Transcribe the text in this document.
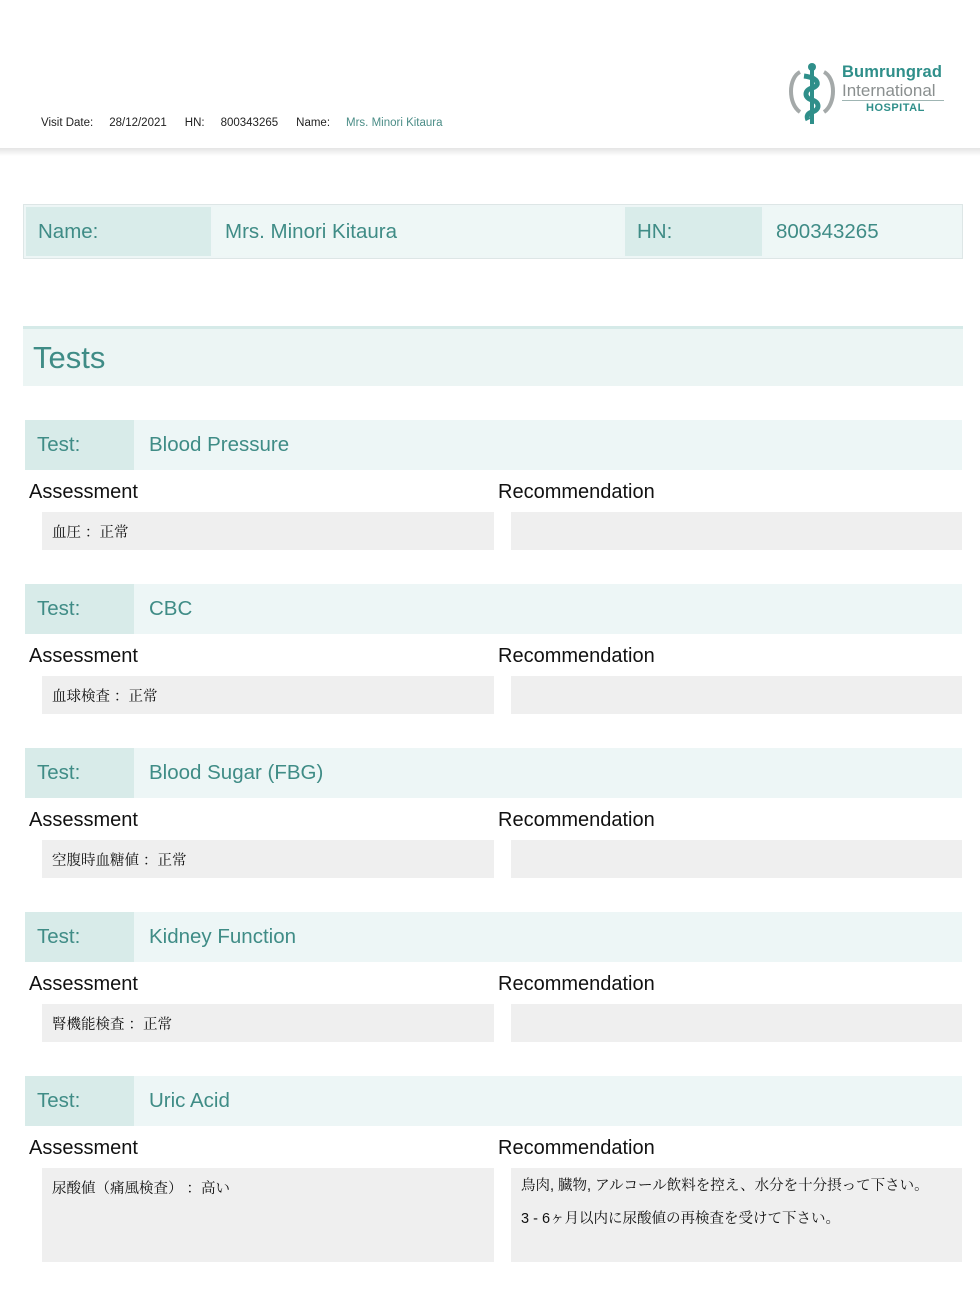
Visit Date: 28/12/2021 HN: 800343265 Name: Mrs. Minori Kitaura
Bumrungrad
International
HOSPITAL
Name:	Mrs. Minori Kitaura	HN:	800343265
Tests
Test:	Blood Pressure
Assessment	Recommendation
血圧 ：正常
Test:	CBC
Assessment	Recommendation
血球検査 ：正常
Test:	Blood Sugar (FBG)
Assessment	Recommendation
空腹時血糖値 ：正常
Test:	Kidney Function
Assessment	Recommendation
腎機能検査 ：正常
Test:	Uric Acid
Assessment	Recommendation
尿酸値（痛風検査） ：高い	鳥肉, 臓物, アルコール飲料を控え、水分を十分摂って下さい。
3 - 6ヶ月以内に尿酸値の再検査を受けて下さい。
